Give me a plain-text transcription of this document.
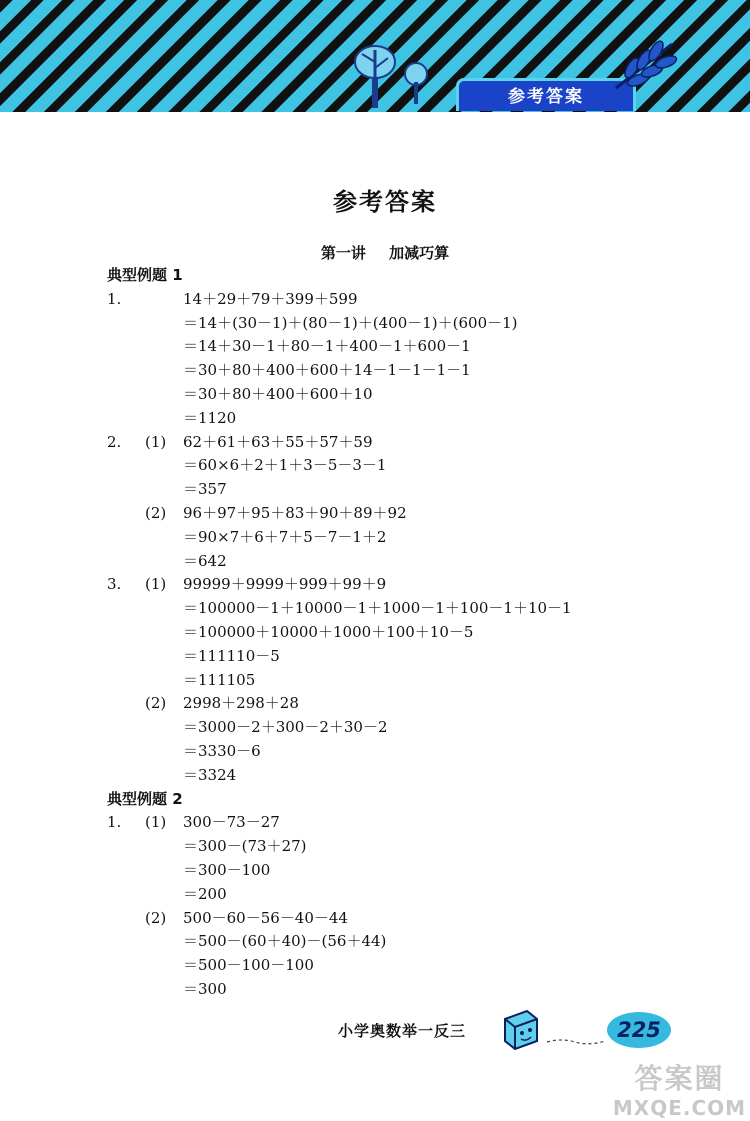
参考答案
参考答案
第一讲 加减巧算
典型例题 1
1.	14＋29＋79＋399＋599
＝14＋(30－1)＋(80－1)＋(400－1)＋(600－1)
＝14＋30－1＋80－1＋400－1＋600－1
＝30＋80＋400＋600＋14－1－1－1－1
＝30＋80＋400＋600＋10
＝1120
2. (1) 62＋61＋63＋55＋57＋59
＝60×6＋2＋1＋3－5－3－1
＝357
(2) 96＋97＋95＋83＋90＋89＋92
＝90×7＋6＋7＋5－7－1＋2
＝642
3. (1) 99999＋9999＋999＋99＋9
＝100000－1＋10000－1＋1000－1＋100－1＋10－1
＝100000＋10000＋1000＋100＋10－5
＝111110－5
＝111105
(2) 2998＋298＋28
＝3000－2＋300－2＋30－2
＝3330－6
＝3324
典型例题 2
1. (1) 300－73－27
＝300－(73＋27)
＝300－100
＝200
(2) 500－60－56－40－44
＝500－(60＋40)－(56＋44)
＝500－100－100
＝300
小学奥数举一反三	225
答案圈
MXQE.COM
